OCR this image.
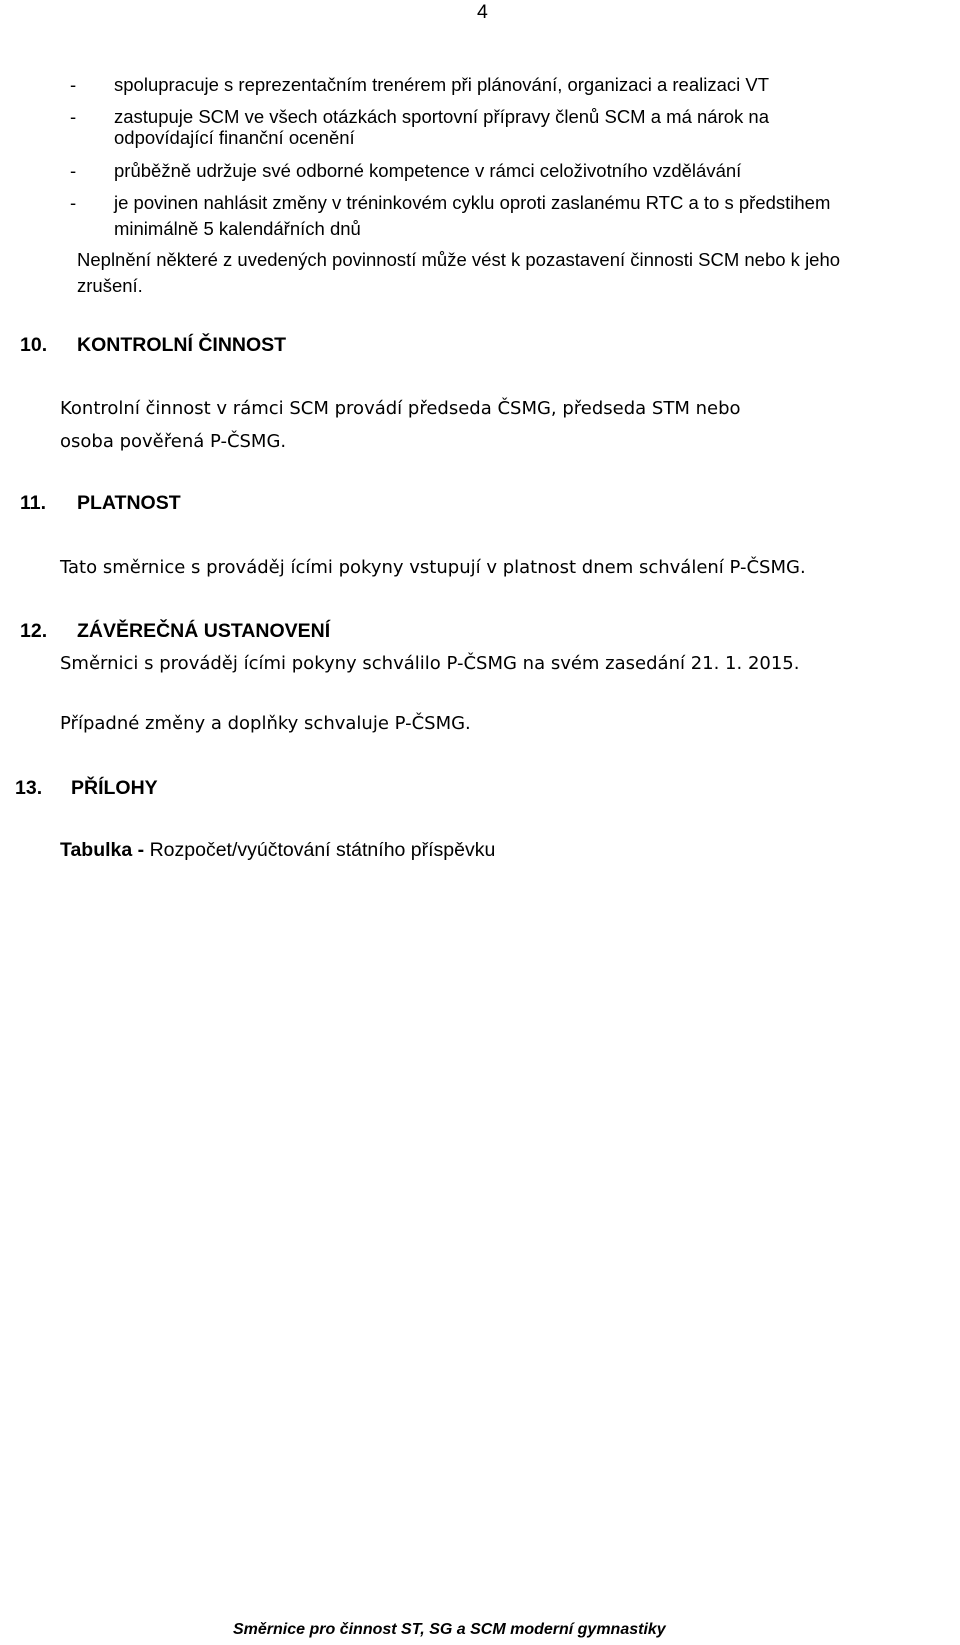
4
- spolupracuje s reprezentačním trenérem při plánování, organizaci a realizaci VT
- zastupuje SCM ve všech otázkách sportovní přípravy členů SCM a má nárok na
odpovídající finanční ocenění
- průběžně udržuje své odborné kompetence v rámci celoživotního vzdělávání
- je povinen nahlásit změny v tréninkovém cyklu oproti zaslanému RTC a to s předstihem
minimálně 5 kalendářních dnů
Neplnění některé z uvedených povinností může vést k pozastavení činnosti SCM nebo k jeho
zrušení.
10. KONTROLNÍ ČINNOST
Kontrolní činnost v rámci SCM provádí předseda ČSMG, předseda STM nebo
osoba pověřená P-ČSMG.
11. PLATNOST
Tato směrnice s prováděj ícími pokyny vstupují v platnost dnem schválení P-ČSMG.
12. ZÁVĚREČNÁ USTANOVENÍ
Směrnici s prováděj ícími pokyny schválilo P-ČSMG na svém zasedání 21. 1. 2015.
Případné změny a doplňky schvaluje P-ČSMG.
13. PŘÍLOHY
Tabulka - Rozpočet/vyúčtování státního příspěvku
Směrnice pro činnost ST, SG a SCM moderní gymnastiky
